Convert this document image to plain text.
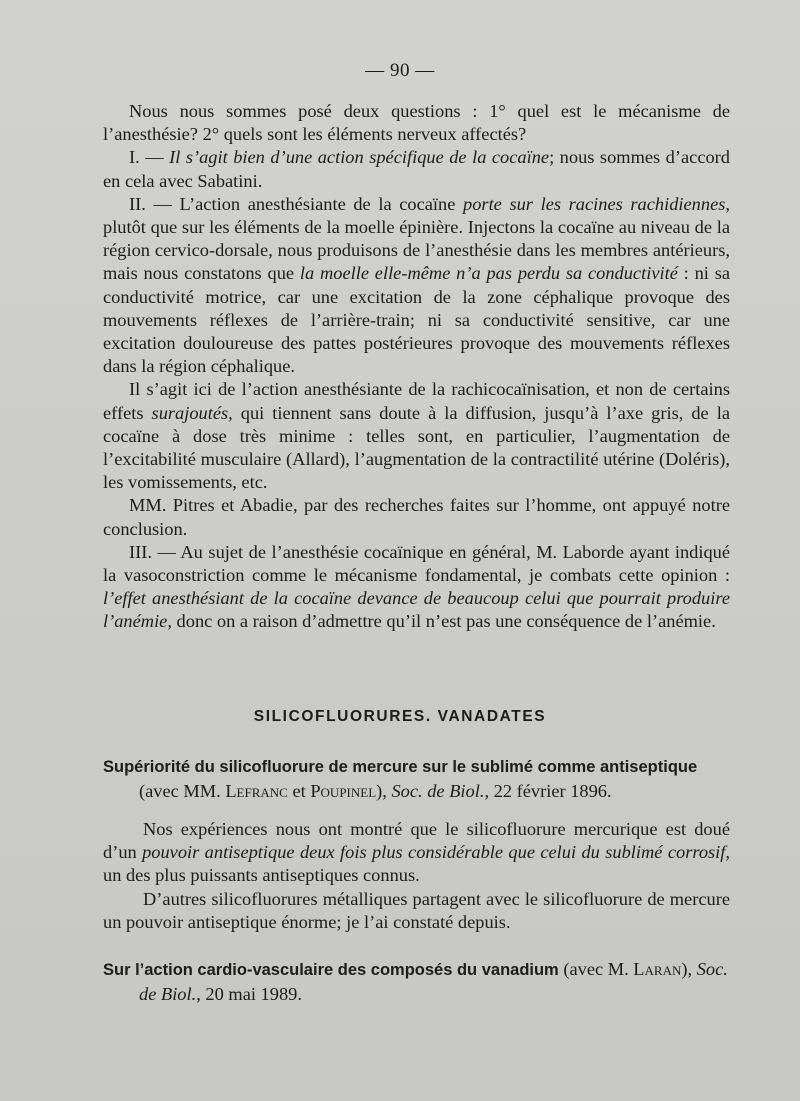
— 90 —

Nous nous sommes posé deux questions : 1° quel est le mécanisme de l’anesthésie? 2° quels sont les éléments nerveux affectés?

I. — Il s’agit bien d’une action spécifique de la cocaïne; nous sommes d’accord en cela avec Sabatini.

II. — L’action anesthésiante de la cocaïne porte sur les racines rachidiennes, plutôt que sur les éléments de la moelle épinière. Injectons la cocaïne au niveau de la région cervico-dorsale, nous produisons de l’anesthésie dans les membres antérieurs, mais nous constatons que la moelle elle-même n’a pas perdu sa conductivité : ni sa conductivité motrice, car une excitation de la zone céphalique provoque des mouvements réflexes de l’arrière-train; ni sa conductivité sensitive, car une excitation douloureuse des pattes postérieures provoque des mouvements réflexes dans la région céphalique.

Il s’agit ici de l’action anesthésiante de la rachicocaïnisation, et non de certains effets surajoutés, qui tiennent sans doute à la diffusion, jusqu’à l’axe gris, de la cocaïne à dose très minime : telles sont, en particulier, l’augmentation de l’excitabilité musculaire (Allard), l’augmentation de la contractilité utérine (Doléris), les vomissements, etc.

MM. Pitres et Abadie, par des recherches faites sur l’homme, ont appuyé notre conclusion.

III. — Au sujet de l’anesthésie cocaïnique en général, M. Laborde ayant indiqué la vasoconstriction comme le mécanisme fondamental, je combats cette opinion : l’effet anesthésiant de la cocaïne devance de beaucoup celui que pourrait produire l’anémie, donc on a raison d’admettre qu’il n’est pas une conséquence de l’anémie.

SILICOFLUORURES. VANADATES
Supériorité du silicofluorure de mercure sur le sublimé comme antiseptique (avec MM. Lefranc et Poupinel), Soc. de Biol., 22 février 1896.

Nos expériences nous ont montré que le silicofluorure mercurique est doué d’un pouvoir antiseptique deux fois plus considérable que celui du sublimé corrosif, un des plus puissants antiseptiques connus.

D’autres silicofluorures métalliques partagent avec le silicofluorure de mercure un pouvoir antiseptique énorme; je l’ai constaté depuis.

Sur l’action cardio-vasculaire des composés du vanadium (avec M. Laran), Soc. de Biol., 20 mai 1989.
